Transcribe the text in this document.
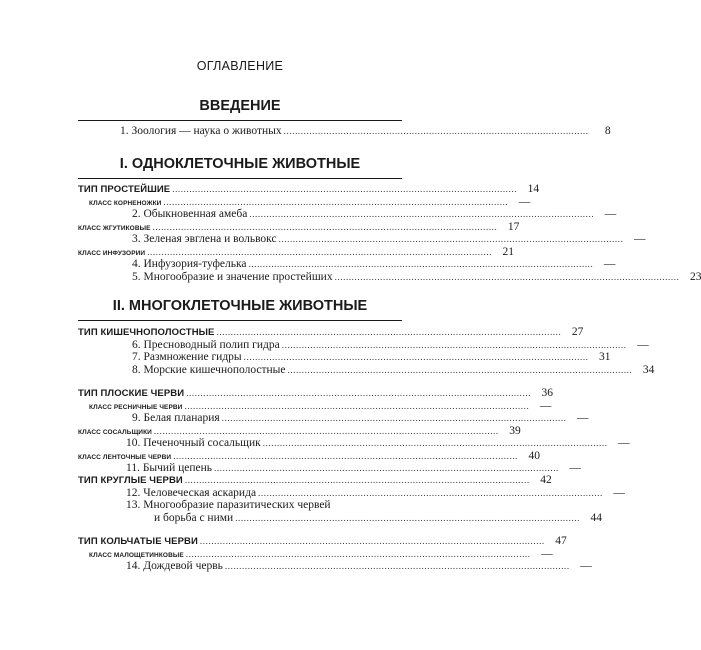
ОГЛАВЛЕНИЕ
ВВЕДЕНИЕ
1. Зоология — наука о животных ...........................................................................................................	8
I. ОДНОКЛЕТОЧНЫЕ ЖИВОТНЫЕ
ТИП ПРОСТЕЙШИЕ ......................................................................................................................... 14
КЛАСС КОРНЕНОЖКИ ......................................................................................................................... —
2. Обыкновенная амеба ......................................................................................................................... —
КЛАСС ЖГУТИКОВЫЕ ......................................................................................................................... 17
3. Зеленая эвглена и вольвокс ......................................................................................................................... —
КЛАСС ИНФУЗОРИИ ......................................................................................................................... 21
4. Инфузория-туфелька ......................................................................................................................... —
5. Многообразие и значение простейших ......................................................................................................................... 23
II. МНОГОКЛЕТОЧНЫЕ ЖИВОТНЫЕ
ТИП КИШЕЧНОПОЛОСТНЫЕ ......................................................................................................................... 27
6. Пресноводный полип гидра ......................................................................................................................... —
7. Размножение гидры ......................................................................................................................... 31
8. Морские кишечнополостные ......................................................................................................................... 34
ТИП ПЛОСКИЕ ЧЕРВИ ......................................................................................................................... 36
КЛАСС РЕСНИЧНЫЕ ЧЕРВИ ......................................................................................................................... —
9. Белая планария ......................................................................................................................... —
КЛАСС СОСАЛЬЩИКИ ......................................................................................................................... 39
10. Печеночный сосальщик ......................................................................................................................... —
КЛАСС ЛЕНТОЧНЫЕ ЧЕРВИ ......................................................................................................................... 40
11. Бычий цепень ......................................................................................................................... —
ТИП КРУГЛЫЕ ЧЕРВИ ......................................................................................................................... 42
12. Человеческая аскарида ......................................................................................................................... —
13. Многообразие паразитических червей
и борьба с ними ......................................................................................................................... 44
ТИП КОЛЬЧАТЫЕ ЧЕРВИ ......................................................................................................................... 47
КЛАСС МАЛОЩЕТИНКОВЫЕ ......................................................................................................................... —
14. Дождевой червь ......................................................................................................................... —
